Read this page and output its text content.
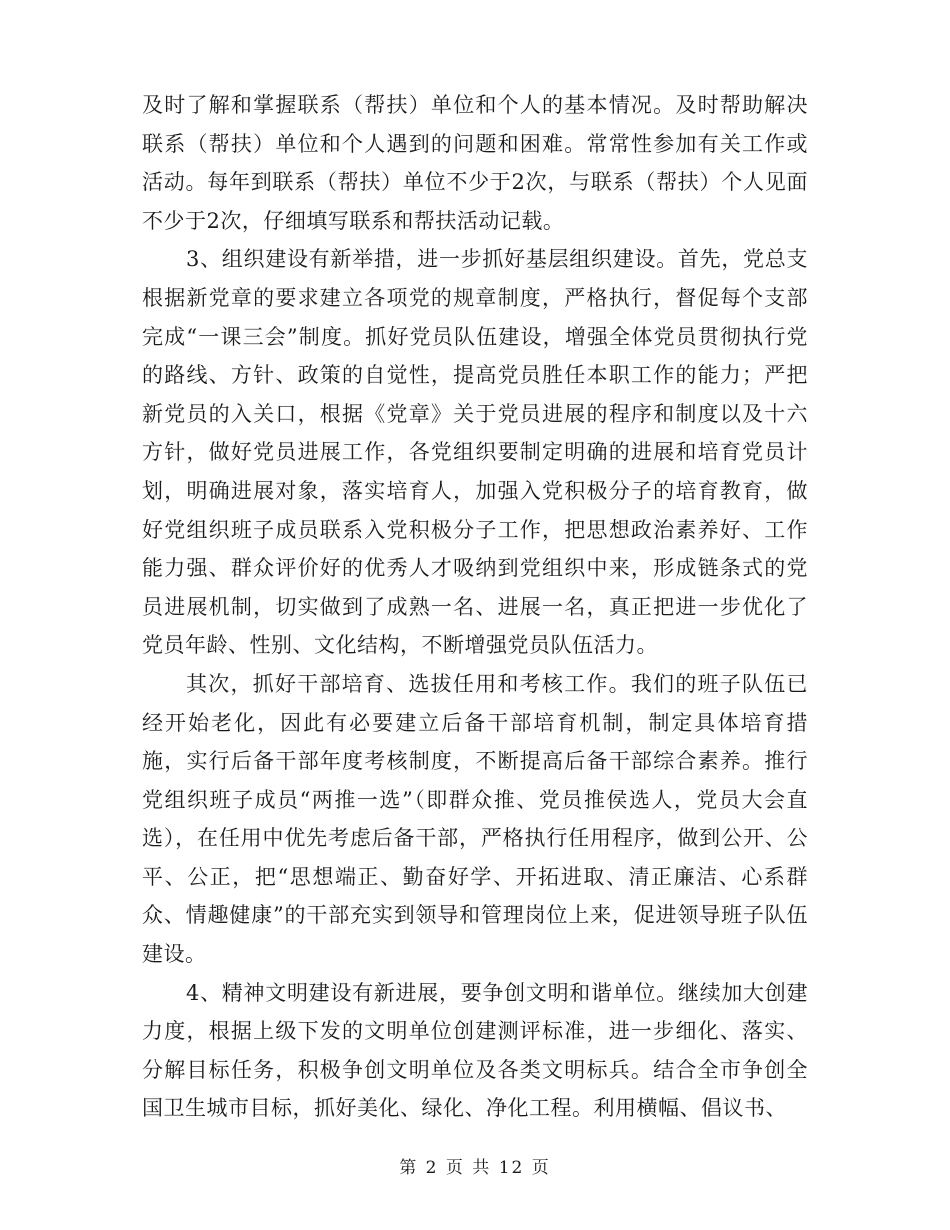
及时了解和掌握联系（帮扶）单位和个人的基本情况。及时帮助解决联系（帮扶）单位和个人遇到的问题和困难。常常性参加有关工作或活动。每年到联系（帮扶）单位不少于2次，与联系（帮扶）个人见面不少于2次，仔细填写联系和帮扶活动记载。

3、组织建设有新举措，进一步抓好基层组织建设。首先，党总支根据新党章的要求建立各项党的规章制度，严格执行，督促每个支部完成“一课三会”制度。抓好党员队伍建设，增强全体党员贯彻执行党的路线、方针、政策的自觉性，提高党员胜任本职工作的能力；严把新党员的入关口，根据《党章》关于党员进展的程序和制度以及十六方针，做好党员进展工作，各党组织要制定明确的进展和培育党员计划，明确进展对象，落实培育人，加强入党积极分子的培育教育，做好党组织班子成员联系入党积极分子工作，把思想政治素养好、工作能力强、群众评价好的优秀人才吸纳到党组织中来，形成链条式的党员进展机制，切实做到了成熟一名、进展一名，真正把进一步优化了党员年龄、性别、文化结构，不断增强党员队伍活力。

其次，抓好干部培育、选拔任用和考核工作。我们的班子队伍已经开始老化，因此有必要建立后备干部培育机制，制定具体培育措施，实行后备干部年度考核制度，不断提高后备干部综合素养。推行党组织班子成员“两推一选”（即群众推、党员推侯选人，党员大会直选），在任用中优先考虑后备干部，严格执行任用程序，做到公开、公平、公正，把“思想端正、勤奋好学、开拓进取、清正廉洁、心系群众、情趣健康”的干部充实到领导和管理岗位上来，促进领导班子队伍建设。

4、精神文明建设有新进展，要争创文明和谐单位。继续加大创建力度，根据上级下发的文明单位创建测评标准，进一步细化、落实、分解目标任务，积极争创文明单位及各类文明标兵。结合全市争创全国卫生城市目标，抓好美化、绿化、净化工程。利用横幅、倡议书、

第 2 页 共 12 页
